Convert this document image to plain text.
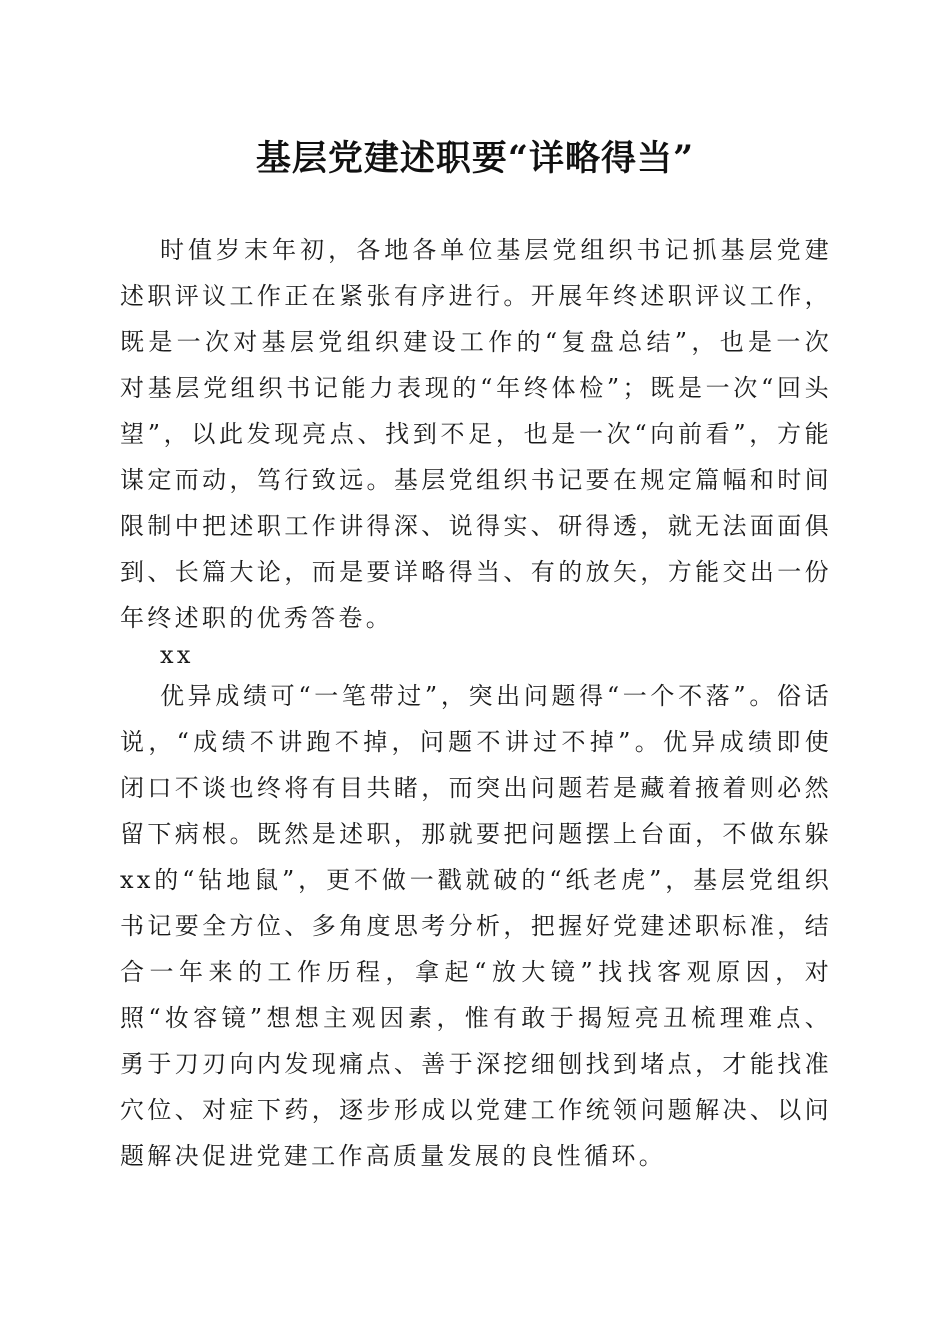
基层党建述职要“详略得当”

时值岁末年初，各地各单位基层党组织书记抓基层党建述职评议工作正在紧张有序进行。开展年终述职评议工作，既是一次对基层党组织建设工作的“复盘总结”，也是一次对基层党组织书记能力表现的“年终体检”；既是一次“回头望”，以此发现亮点、找到不足，也是一次“向前看”，方能谋定而动，笃行致远。基层党组织书记要在规定篇幅和时间限制中把述职工作讲得深、说得实、研得透，就无法面面俱到、长篇大论，而是要详略得当、有的放矢，方能交出一份年终述职的优秀答卷。

xx

优异成绩可“一笔带过”，突出问题得“一个不落”。俗话说，“成绩不讲跑不掉，问题不讲过不掉”。优异成绩即使闭口不谈也终将有目共睹，而突出问题若是藏着掖着则必然留下病根。既然是述职，那就要把问题摆上台面，不做东躲xx的“钻地鼠”，更不做一戳就破的“纸老虎”，基层党组织书记要全方位、多角度思考分析，把握好党建述职标准，结合一年来的工作历程，拿起“放大镜”找找客观原因，对照“妆容镜”想想主观因素，惟有敢于揭短亮丑梳理难点、勇于刀刃向内发现痛点、善于深挖细刨找到堵点，才能找准穴位、对症下药，逐步形成以党建工作统领问题解决、以问题解决促进党建工作高质量发展的良性循环。
